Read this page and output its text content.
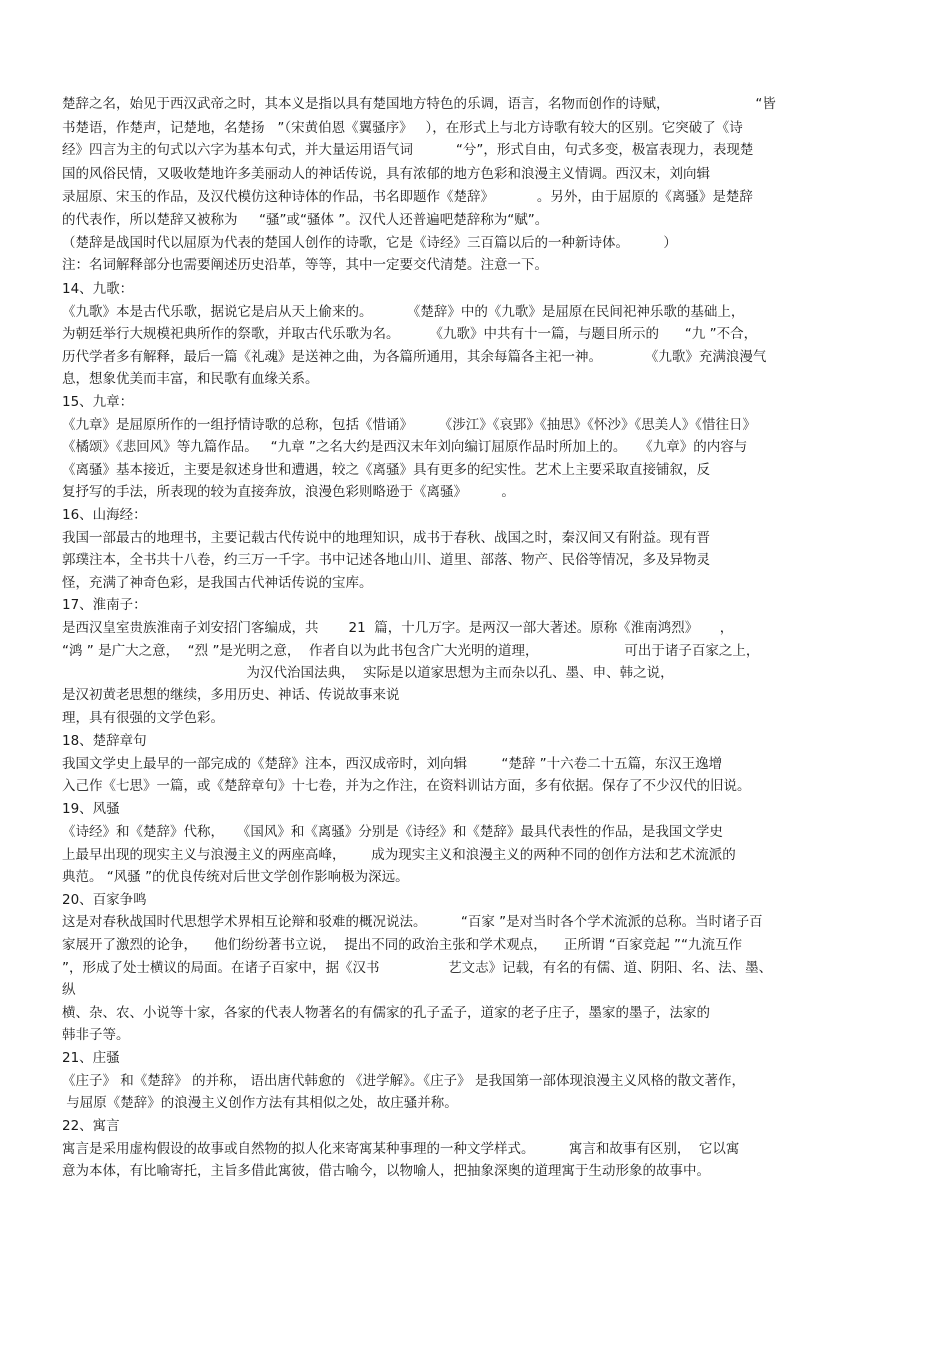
楚辞之名，始见于西汉武帝之时，其本义是指以具有楚国地方特色的乐调，语言，名物而创作的诗赋，                    “皆
书楚语，作楚声，记楚地，名楚扬   ”（宋黄伯恩《翼骚序》   ），在形式上与北方诗歌有较大的区别。它突破了《诗
经》四言为主的句式以六字为基本句式，并大量运用语气词          “兮”，形式自由，句式多变，极富表现力，表现楚
国的风俗民情，又吸收楚地许多美丽动人的神话传说，具有浓郁的地方色彩和浪漫主义情调。西汉末，刘向辑
录屈原、宋玉的作品，及汉代模仿这种诗体的作品，书名即题作《楚辞》          。另外，由于屈原的《离骚》是楚辞
的代表作，所以楚辞又被称为     “骚”或“骚体 ”。汉代人还普遍吧楚辞称为“赋”。
（楚辞是战国时代以屈原为代表的楚国人创作的诗歌，它是《诗经》三百篇以后的一种新诗体。        ）
注：名词解释部分也需要阐述历史沿革，等等，其中一定要交代清楚。注意一下。
14、九歌：
《九歌》本是古代乐歌，据说它是启从天上偷来的。        《楚辞》中的《九歌》是屈原在民间祀神乐歌的基础上，
为朝廷举行大规模祀典所作的祭歌，并取古代乐歌为名。       《九歌》中共有十一篇，与题目所示的      “九 ”不合，
历代学者多有解释，最后一篇《礼魂》是送神之曲，为各篇所通用，其余每篇各主祀一神。          《九歌》充满浪漫气
息，想象优美而丰富，和民歌有血缘关系。
15、九章：
《九章》是屈原所作的一组抒情诗歌的总称，包括《惜诵》      《涉江》《哀郢》《抽思》《怀沙》《思美人》《惜往日》
《橘颂》《悲回风》等九篇作品。   “九章 ”之名大约是西汉末年刘向编订屈原作品时所加上的。   《九章》的内容与
《离骚》基本接近，主要是叙述身世和遭遇，较之《离骚》具有更多的纪实性。艺术上主要采取直接铺叙，反
复抒写的手法，所表现的较为直接奔放，浪漫色彩则略逊于《离骚》        。
16、山海经：
我国一部最古的地理书，主要记载古代传说中的地理知识，成书于春秋、战国之时，秦汉间又有附益。现有晋
郭璞注本，全书共十八卷，约三万一千字。书中记述各地山川、道里、部落、物产、民俗等情况，多及异物灵
怪，充满了神奇色彩，是我国古代神话传说的宝库。
17、淮南子：
是西汉皇室贵族淮南子刘安招门客编成，共       21  篇，十几万字。是两汉一部大著述。原称《淮南鸿烈》     ，
“鸿 ” 是广大之意，  “烈 ”是光明之意，  作者自以为此书包含广大光明的道理，                    可出于诸子百家之上，
为汉代治国法典，  实际是以道家思想为主而杂以孔、墨、申、韩之说，
是汉初黄老思想的继续，多用历史、神话、传说故事来说
理，具有很强的文学色彩。
18、楚辞章句
我国文学史上最早的一部完成的《楚辞》注本，西汉成帝时，刘向辑        “楚辞 ”十六卷二十五篇，东汉王逸增
入己作《七思》一篇，或《楚辞章句》十七卷，并为之作注，在资料训诂方面，多有依据。保存了不少汉代的旧说。
19、风骚
《诗经》和《楚辞》代称，   《国风》和《离骚》分别是《诗经》和《楚辞》最具代表性的作品，是我国文学史
上最早出现的现实主义与浪漫主义的两座高峰，      成为现实主义和浪漫主义的两种不同的创作方法和艺术流派的
典范。 “风骚 ”的优良传统对后世文学创作影响极为深远。
20、百家争鸣
这是对春秋战国时代思想学术界相互论辩和驳难的概况说法。        “百家 ”是对当时各个学术流派的总称。当时诸子百
家展开了激烈的论争，    他们纷纷著书立说，  提出不同的政治主张和学术观点，    正所谓 “百家竞起 ”“九流互作
”，形成了处士横议的局面。在诸子百家中，据《汉书                艺文志》记载，有名的有儒、道、阴阳、名、法、墨、
纵
横、杂、农、小说等十家，各家的代表人物著名的有儒家的孔子孟子，道家的老子庄子，墨家的墨子，法家的
韩非子等。
21、庄骚
《庄子》 和《楚辞》 的并称， 语出唐代韩愈的 《进学解》。《庄子》 是我国第一部体现浪漫主义风格的散文著作，
与屈原《楚辞》的浪漫主义创作方法有其相似之处，故庄骚并称。
22、寓言
寓言是采用虚构假设的故事或自然物的拟人化来寄寓某种事理的一种文学样式。        寓言和故事有区别，  它以寓
意为本体，有比喻寄托，主旨多借此寓彼，借古喻今，以物喻人，把抽象深奥的道理寓于生动形象的故事中。
